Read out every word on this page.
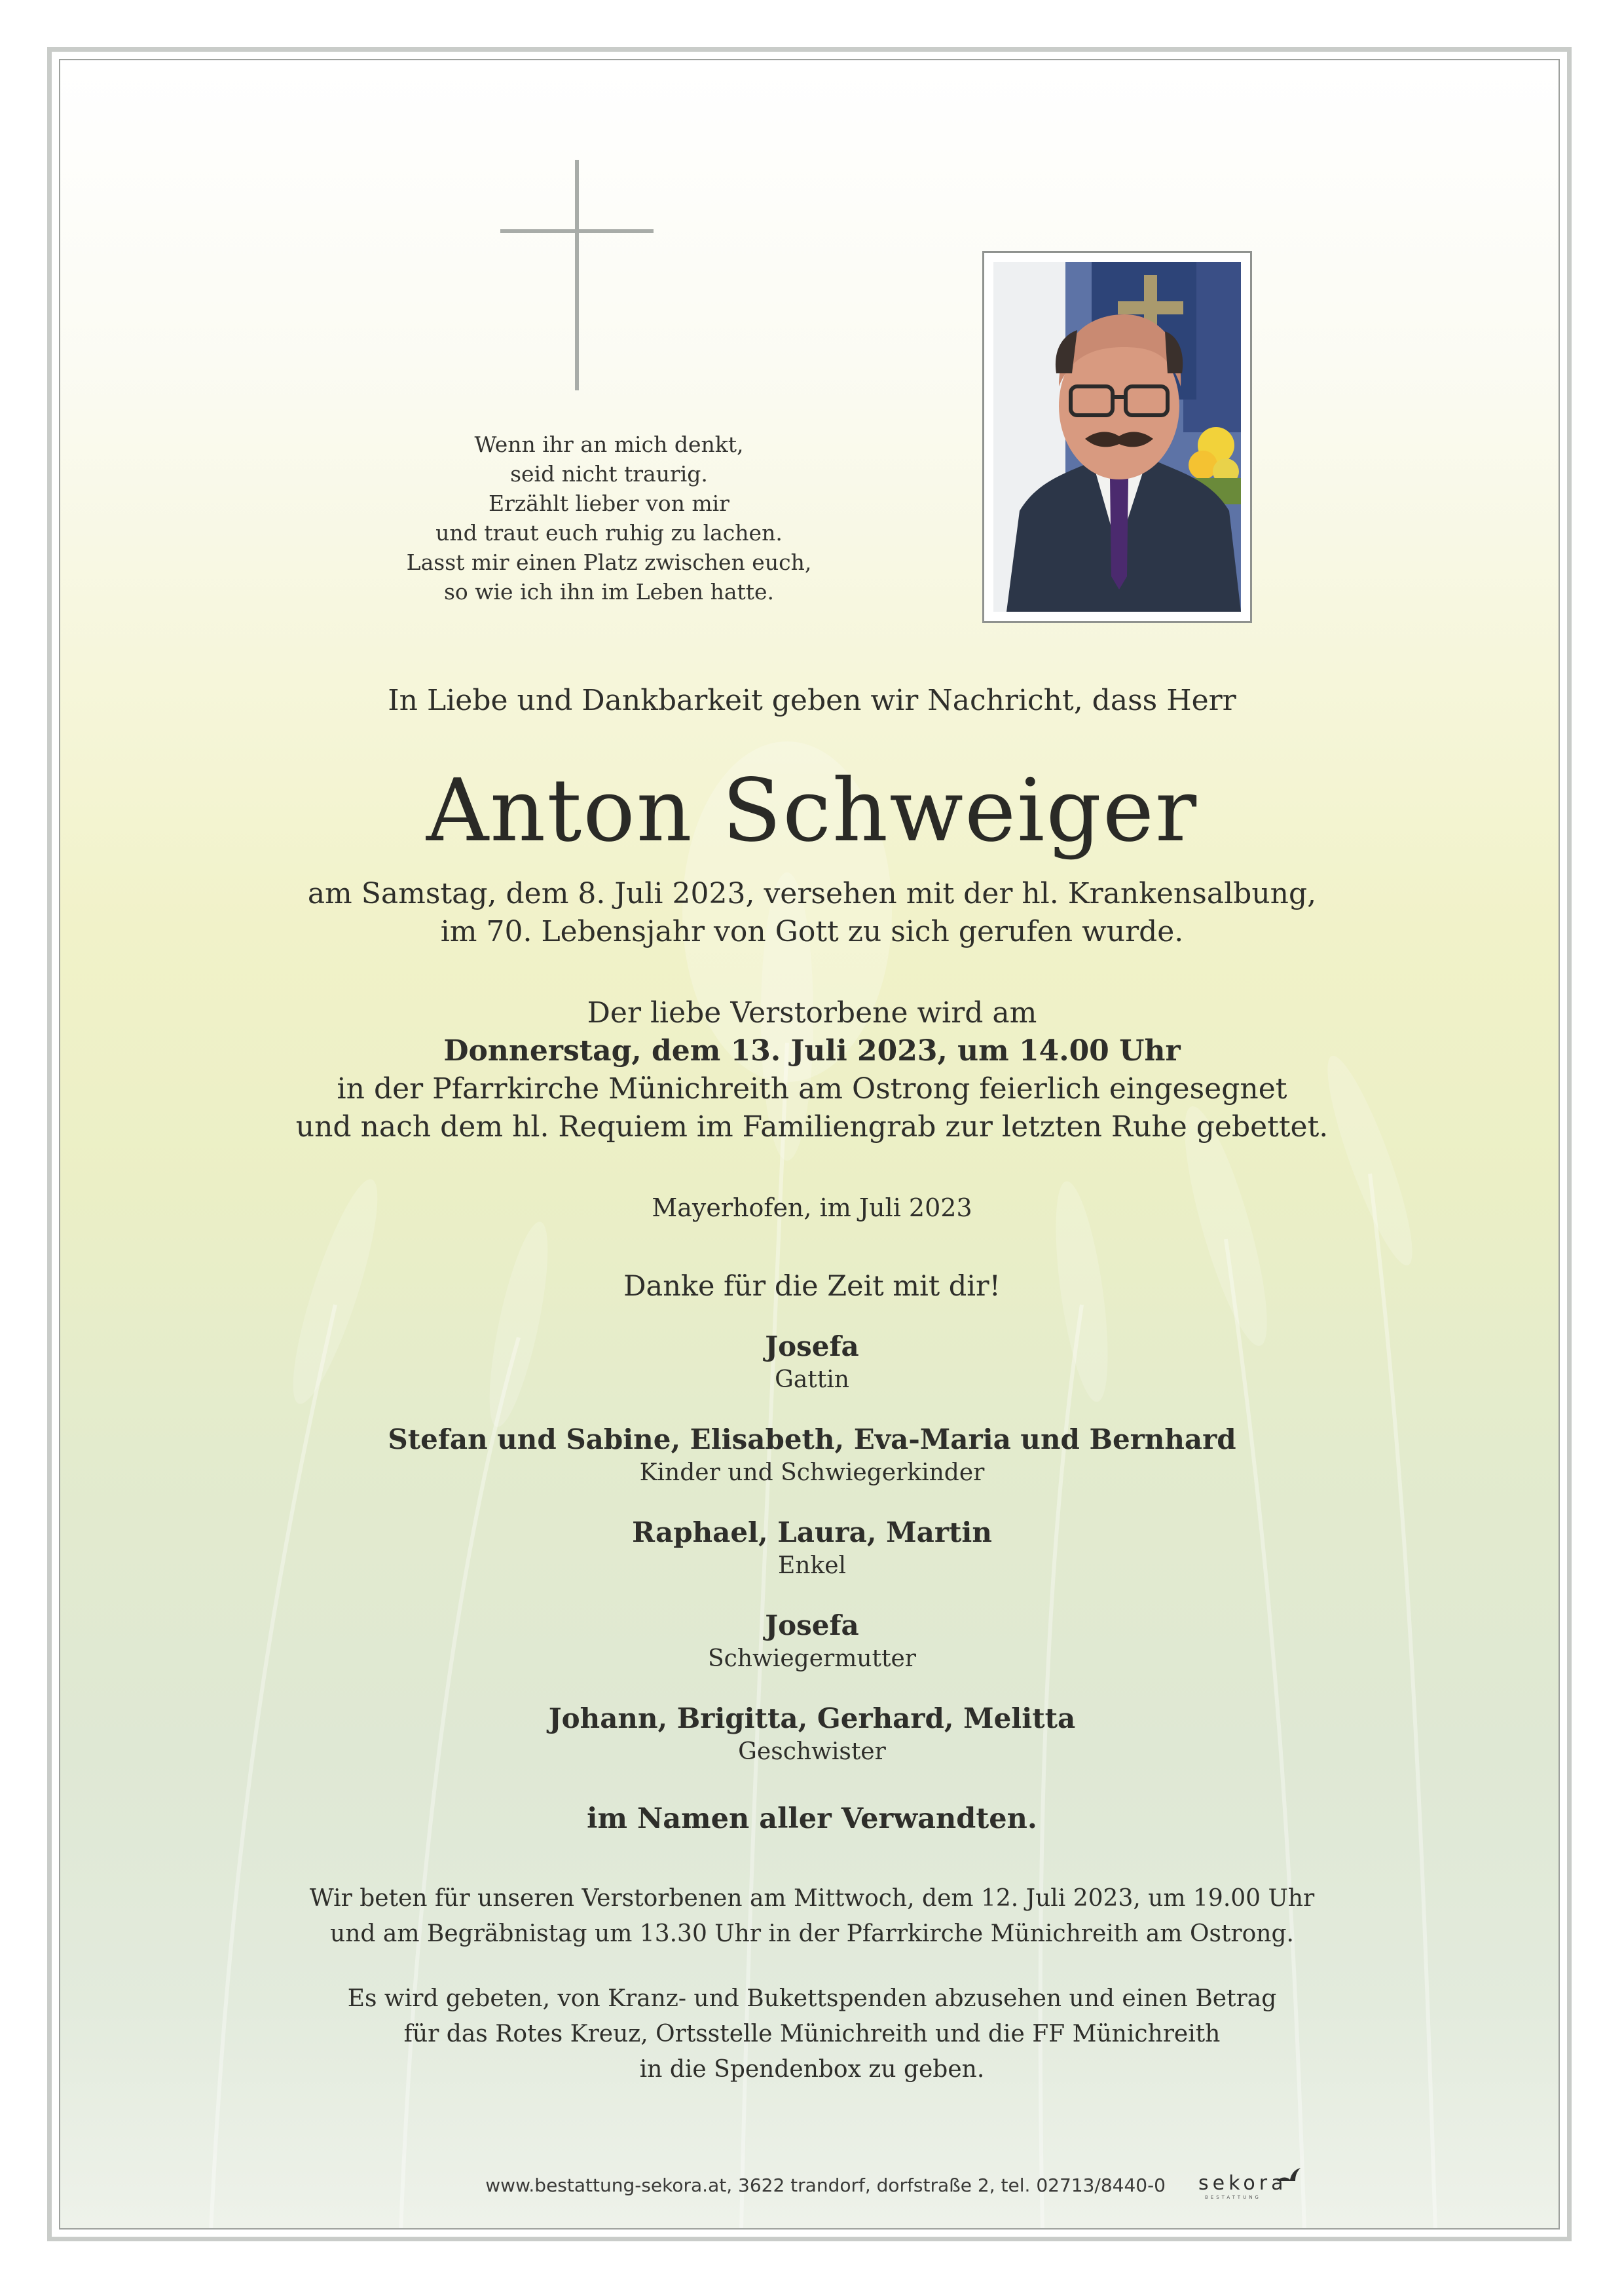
Wenn ihr an mich denkt,
seid nicht traurig.
Erzählt lieber von mir
und traut euch ruhig zu lachen.
Lasst mir einen Platz zwischen euch,
so wie ich ihn im Leben hatte.
In Liebe und Dankbarkeit geben wir Nachricht, dass Herr
Anton Schweiger
am Samstag, dem 8. Juli 2023, versehen mit der hl. Krankensalbung,
im 70. Lebensjahr von Gott zu sich gerufen wurde.
Der liebe Verstorbene wird am
Donnerstag, dem 13. Juli 2023, um 14.00 Uhr
in der Pfarrkirche Münichreith am Ostrong feierlich eingesegnet
und nach dem hl. Requiem im Familiengrab zur letzten Ruhe gebettet.
Mayerhofen, im Juli 2023
Danke für die Zeit mit dir!
Josefa
Gattin
Stefan und Sabine, Elisabeth, Eva-Maria und Bernhard
Kinder und Schwiegerkinder
Raphael, Laura, Martin
Enkel
Josefa
Schwiegermutter
Johann, Brigitta, Gerhard, Melitta
Geschwister
im Namen aller Verwandten.
Wir beten für unseren Verstorbenen am Mittwoch, dem 12. Juli 2023, um 19.00 Uhr
und am Begräbnistag um 13.30 Uhr in der Pfarrkirche Münichreith am Ostrong.
Es wird gebeten, von Kranz- und Bukettspenden abzusehen und einen Betrag
für das Rotes Kreuz, Ortsstelle Münichreith und die FF Münichreith
in die Spendenbox zu geben.
www.bestattung-sekora.at, 3622 trandorf, dorfstraße 2, tel. 02713/8440-0 sekora
BESTATTUNG
